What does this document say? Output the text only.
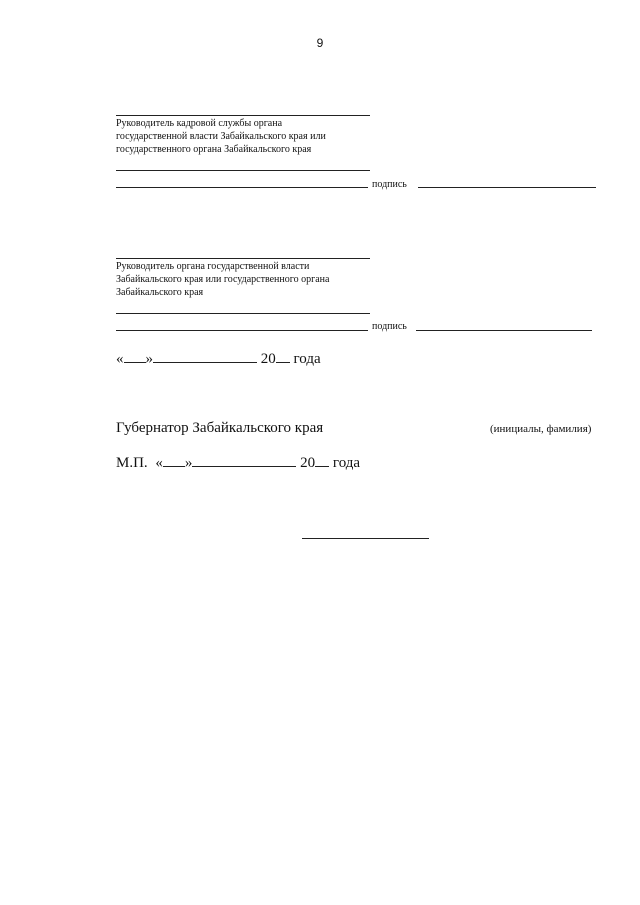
9
Руководитель кадровой службы органа
государственной власти Забайкальского края или
государственного органа Забайкальского края
подпись
Руководитель органа государственной власти
Забайкальского края или государственного органа
Забайкальского края
подпись
« »	20 года
Губернатор Забайкальского края	(инициалы, фамилия)
М.П. « »	20 года
